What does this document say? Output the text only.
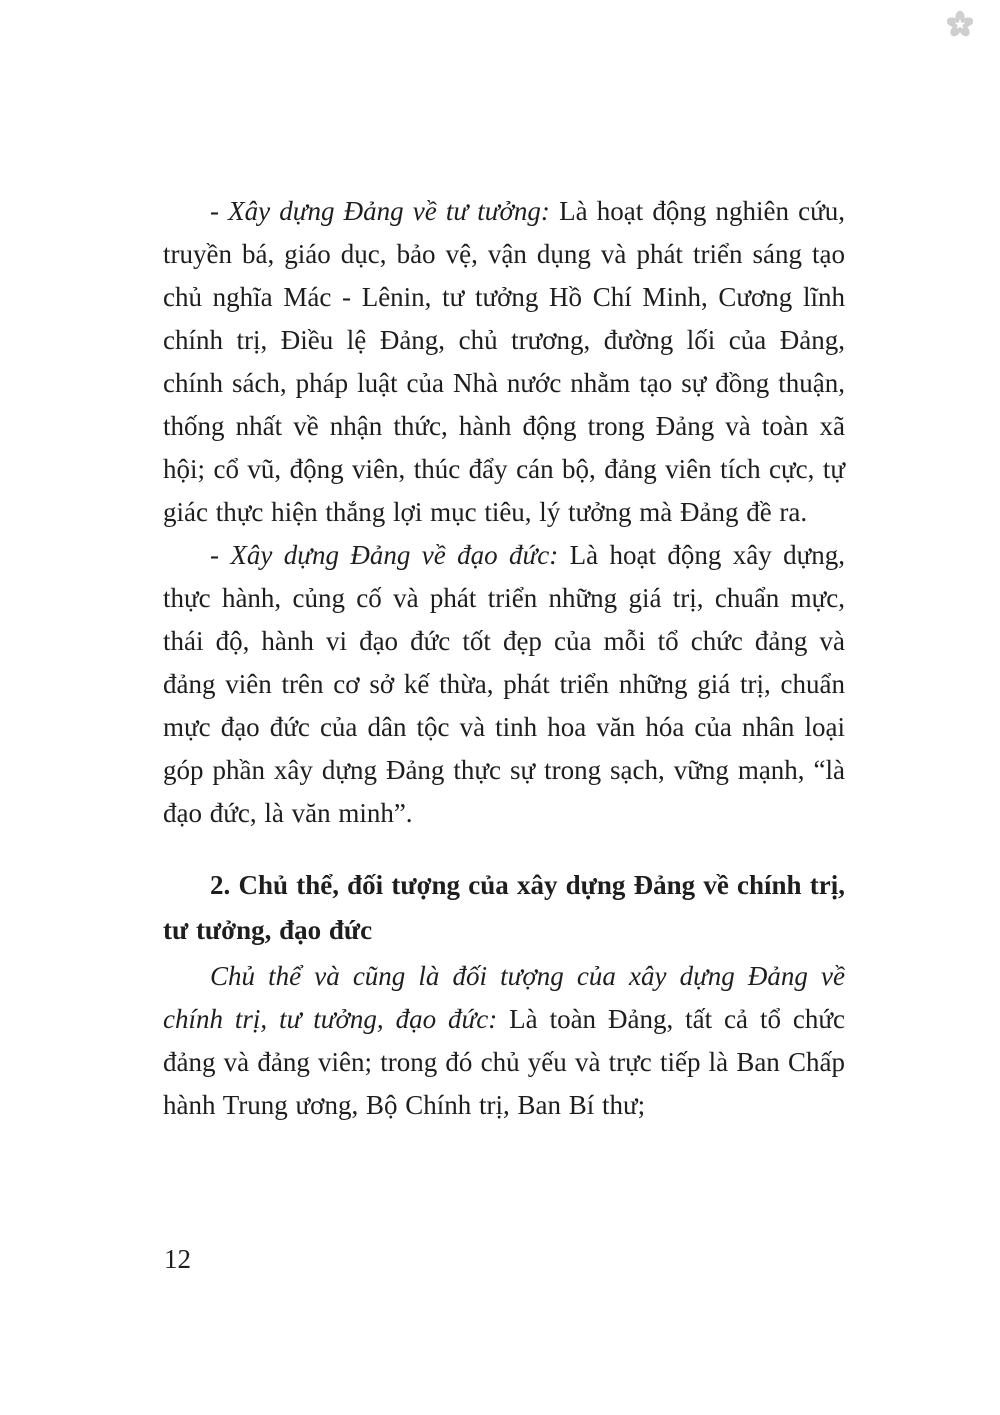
- Xây dựng Đảng về tư tưởng: Là hoạt động nghiên cứu, truyền bá, giáo dục, bảo vệ, vận dụng và phát triển sáng tạo chủ nghĩa Mác - Lênin, tư tưởng Hồ Chí Minh, Cương lĩnh chính trị, Điều lệ Đảng, chủ trương, đường lối của Đảng, chính sách, pháp luật của Nhà nước nhằm tạo sự đồng thuận, thống nhất về nhận thức, hành động trong Đảng và toàn xã hội; cổ vũ, động viên, thúc đẩy cán bộ, đảng viên tích cực, tự giác thực hiện thắng lợi mục tiêu, lý tưởng mà Đảng đề ra.

- Xây dựng Đảng về đạo đức: Là hoạt động xây dựng, thực hành, củng cố và phát triển những giá trị, chuẩn mực, thái độ, hành vi đạo đức tốt đẹp của mỗi tổ chức đảng và đảng viên trên cơ sở kế thừa, phát triển những giá trị, chuẩn mực đạo đức của dân tộc và tinh hoa văn hóa của nhân loại góp phần xây dựng Đảng thực sự trong sạch, vững mạnh, “là đạo đức, là văn minh”.

2. Chủ thể, đối tượng của xây dựng Đảng về chính trị, tư tưởng, đạo đức

Chủ thể và cũng là đối tượng của xây dựng Đảng về chính trị, tư tưởng, đạo đức: Là toàn Đảng, tất cả tổ chức đảng và đảng viên; trong đó chủ yếu và trực tiếp là Ban Chấp hành Trung ương, Bộ Chính trị, Ban Bí thư;

12
